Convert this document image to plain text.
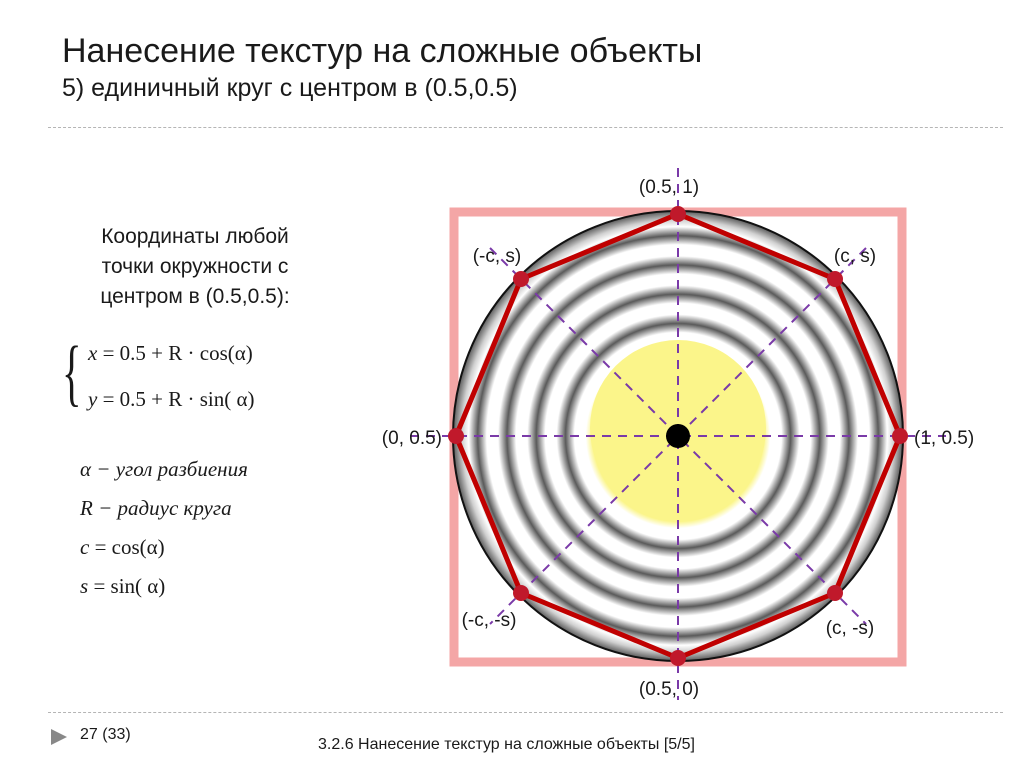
Нанесение текстур на сложные объекты
5) единичный круг с центром в (0.5,0.5)
Координаты любой
точки окружности с
центром в (0.5,0.5):
{ x = 0.5 + R · cos(α)
y = 0.5 + R · sin( α)
α − угол разбиения
R − радиус круга
c = cos(α)
s = sin( α)
(0.5, 1)
(0.5, 0)
(0, 0.5)	(1, 0.5)
(-c, s)	(c, s)
(-c, -s)	(c, -s)
27 (33)
3.2.6 Нанесение текстур на сложные объекты [5/5]
